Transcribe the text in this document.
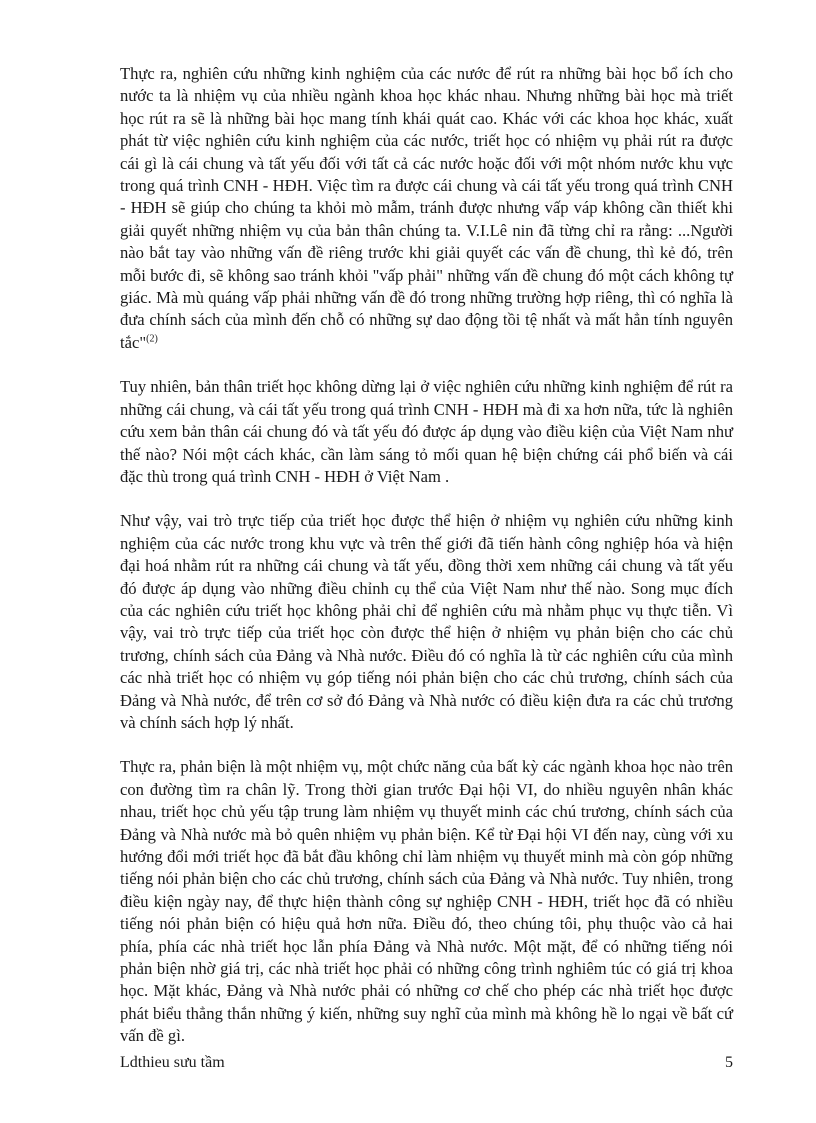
Thực ra, nghiên cứu những kinh nghiệm của các nước để rút ra những bài học bổ ích cho nước ta là nhiệm vụ của nhiều ngành khoa học khác nhau. Nhưng những bài học mà triết học rút ra sẽ là những bài học mang tính khái quát cao. Khác với các khoa học khác, xuất phát từ việc nghiên cứu kinh nghiệm của các nước, triết học có nhiệm vụ phải rút ra được cái gì là cái chung và tất yếu đối với tất cả các nước hoặc đối với một nhóm nước khu vực trong quá trình CNH - HĐH. Việc tìm ra được cái chung và cái tất yếu trong quá trình CNH - HĐH sẽ giúp cho chúng ta khỏi mò mẫm, tránh được nhưng vấp váp không cần thiết khi giải quyết những nhiệm vụ của bản thân chúng ta. V.I.Lê nin đã từng chỉ ra rằng: ...Người nào bắt tay vào những vấn đề riêng trước khi giải quyết các vấn đề chung, thì kẻ đó, trên mỗi bước đi, sẽ không sao tránh khỏi "vấp phải" những vấn đề chung đó một cách không tự giác. Mà mù quáng vấp phải những vấn đề đó trong những trường hợp riêng, thì có nghĩa là đưa chính sách của mình đến chỗ có những sự dao động tồi tệ nhất và mất hẳn tính nguyên tắc"$^{(2)}$

Tuy nhiên, bản thân triết học không dừng lại ở việc nghiên cứu những kinh nghiệm để rút ra những cái chung, và cái tất yếu trong quá trình CNH - HĐH mà đi xa hơn nữa, tức là nghiên cứu xem bản thân cái chung đó và tất yếu đó được áp dụng vào điều kiện của Việt Nam như thế nào? Nói một cách khác, cần làm sáng tỏ mối quan hệ biện chứng cái phổ biến và cái đặc thù trong quá trình CNH - HĐH ở Việt Nam .

Như vậy, vai trò trực tiếp của triết học được thể hiện ở nhiệm vụ nghiên cứu những kinh nghiệm của các nước trong khu vực và trên thế giới đã tiến hành công nghiệp hóa và hiện đại hoá nhằm rút ra những cái chung và tất yếu, đồng thời xem những cái chung và tất yếu đó được áp dụng vào những điều chỉnh cụ thể của Việt Nam như thế nào. Song mục đích của các nghiên cứu triết học không phải chỉ để nghiên cứu mà nhằm phục vụ thực tiễn. Vì vậy, vai trò trực tiếp của triết học còn được thể hiện ở nhiệm vụ phản biện cho các chủ trương, chính sách của Đảng và Nhà nước. Điều đó có nghĩa là từ các nghiên cứu của mình các nhà triết học có nhiệm vụ góp tiếng nói phản biện cho các chủ trương, chính sách của Đảng và Nhà nước, để trên cơ sở đó Đảng và Nhà nước có điều kiện đưa ra các chủ trương và chính sách hợp lý nhất.

Thực ra, phản biện là một nhiệm vụ, một chức năng của bất kỳ các ngành khoa học nào trên con đường tìm ra chân lỹ. Trong thời gian trước Đại hội VI, do nhiều nguyên nhân khác nhau, triết học chủ yếu tập trung làm nhiệm vụ thuyết minh các chú trương, chính sách của Đảng và Nhà nước mà bỏ quên nhiệm vụ phản biện. Kể từ Đại hội VI đến nay, cùng với xu hướng đổi mới triết học đã bắt đầu không chỉ làm nhiệm vụ thuyết minh mà còn góp những tiếng nói phản biện cho các chủ trương, chính sách của Đảng và Nhà nước. Tuy nhiên, trong điều kiện ngày nay, để thực hiện thành công sự nghiệp CNH - HĐH, triết học đã có nhiều tiếng nói phản biện có hiệu quả hơn nữa. Điều đó, theo chúng tôi, phụ thuộc vào cả hai phía, phía các nhà triết học lẫn phía Đảng và Nhà nước. Một mặt, để có những tiếng nói phản biện nhờ giá trị, các nhà triết học phải có những công trình nghiêm túc có giá trị khoa học. Mặt khác, Đảng và Nhà nước phải có những cơ chế cho phép các nhà triết học được phát biểu thẳng thắn những ý kiến, những suy nghĩ của mình mà không hề lo ngại về bất cứ vấn đề gì.

Ldthieu sưu tầm	5
